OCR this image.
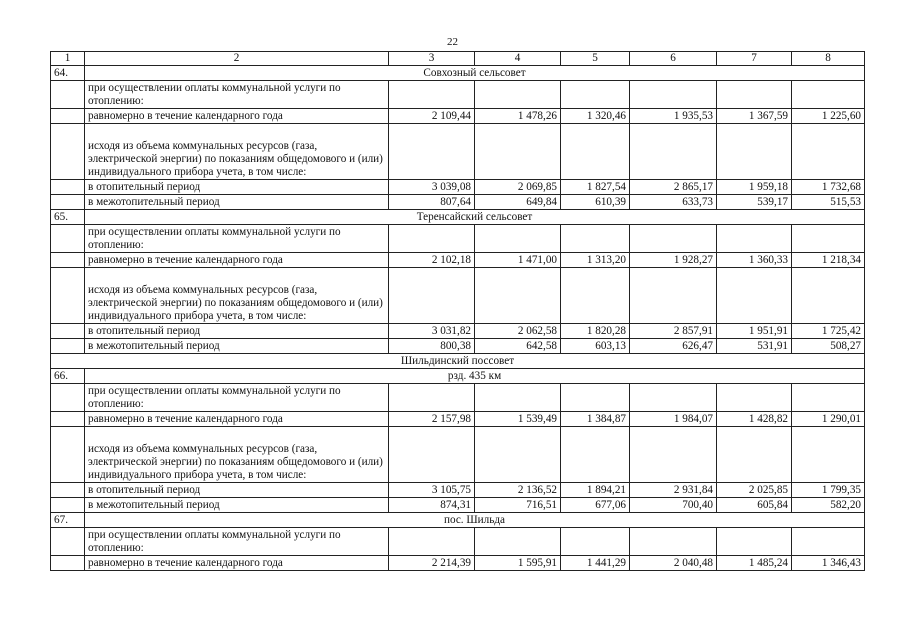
22
1	2	3	4	5	6	7	8
64.	Совхозный сельсовет						
	при осуществлении оплаты коммунальной услуги по отоплению:						
	равномерно в течение календарного года	2 109,44	1 478,26	1 320,46	1 935,53	1 367,59	1 225,60
	исходя из объема коммунальных ресурсов (газа, электрической энергии) по показаниям общедомового и (или) индивидуального прибора учета, в том числе:						
	в отопительный период	3 039,08	2 069,85	1 827,54	2 865,17	1 959,18	1 732,68
	в межотопительный период	807,64	649,84	610,39	633,73	539,17	515,53
65.	Теренсайский сельсовет						
	при осуществлении оплаты коммунальной услуги по отоплению:						
	равномерно в течение календарного года	2 102,18	1 471,00	1 313,20	1 928,27	1 360,33	1 218,34
	исходя из объема коммунальных ресурсов (газа, электрической энергии) по показаниям общедомового и (или) индивидуального прибора учета, в том числе:						
	в отопительный период	3 031,82	2 062,58	1 820,28	2 857,91	1 951,91	1 725,42
	в межотопительный период	800,38	642,58	603,13	626,47	531,91	508,27
Шильдинский поссовет							
66.	рзд. 435 км						
	при осуществлении оплаты коммунальной услуги по отоплению:						
	равномерно в течение календарного года	2 157,98	1 539,49	1 384,87	1 984,07	1 428,82	1 290,01
	исходя из объема коммунальных ресурсов (газа, электрической энергии) по показаниям общедомового и (или) индивидуального прибора учета, в том числе:						
	в отопительный период	3 105,75	2 136,52	1 894,21	2 931,84	2 025,85	1 799,35
	в межотопительный период	874,31	716,51	677,06	700,40	605,84	582,20
67.	пос. Шильда						
	при осуществлении оплаты коммунальной услуги по отоплению:						
	равномерно в течение календарного года	2 214,39	1 595,91	1 441,29	2 040,48	1 485,24	1 346,43
